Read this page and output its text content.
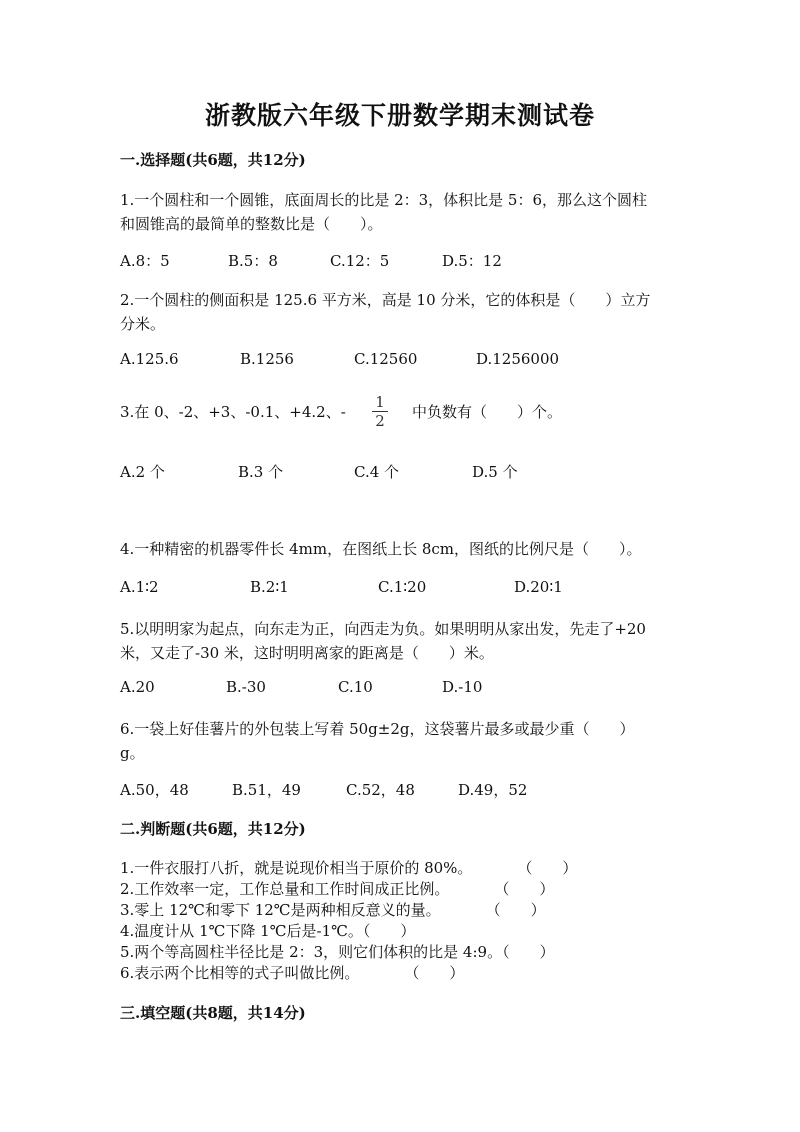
浙教版六年级下册数学期末测试卷
一.选择题(共6题，共12分)
1.一个圆柱和一个圆锥，底面周长的比是 2：3，体积比是 5：6，那么这个圆柱
和圆锥高的最简单的整数比是（　　）。
A.8：5	B.5：8	C.12：5	D.5：12
2.一个圆柱的侧面积是 125.6 平方米，高是 10 分米，它的体积是（　　）立方
分米。
A.125.6	B.1256	C.12560	D.1256000
3.在 0、-2、+3、-0.1、+4.2、-
1
2 中负数有（　　）个。
A.2 个	B.3 个	C.4 个	D.5 个
4.一种精密的机器零件长 4mm，在图纸上长 8cm，图纸的比例尺是（　　）。
A.1∶2	B.2∶1	C.1∶20	D.20∶1
5.以明明家为起点，向东走为正，向西走为负。如果明明从家出发，先走了+20
米，又走了-30 米，这时明明离家的距离是（　　）米。
A.20	B.-30	C.10	D.-10
6.一袋上好佳薯片的外包装上写着 50g±2g，这袋薯片最多或最少重（　　）
g。
A.50，48	B.51，49	C.52，48	D.49，52
二.判断题(共6题，共12分)
1.一件衣服打八折，就是说现价相当于原价的 80%。　　　　（　　）
2.工作效率一定，工作总量和工作时间成正比例。　　　　（　　）
3.零上 12℃和零下 12℃是两种相反意义的量。　　　　（　　）
4.温度计从 1℃下降 1℃后是-1℃。（　　）
5.两个等高圆柱半径比是 2：3，则它们体积的比是 4:9。（　　）
6.表示两个比相等的式子叫做比例。　　　　（　　）
三.填空题(共8题，共14分)
